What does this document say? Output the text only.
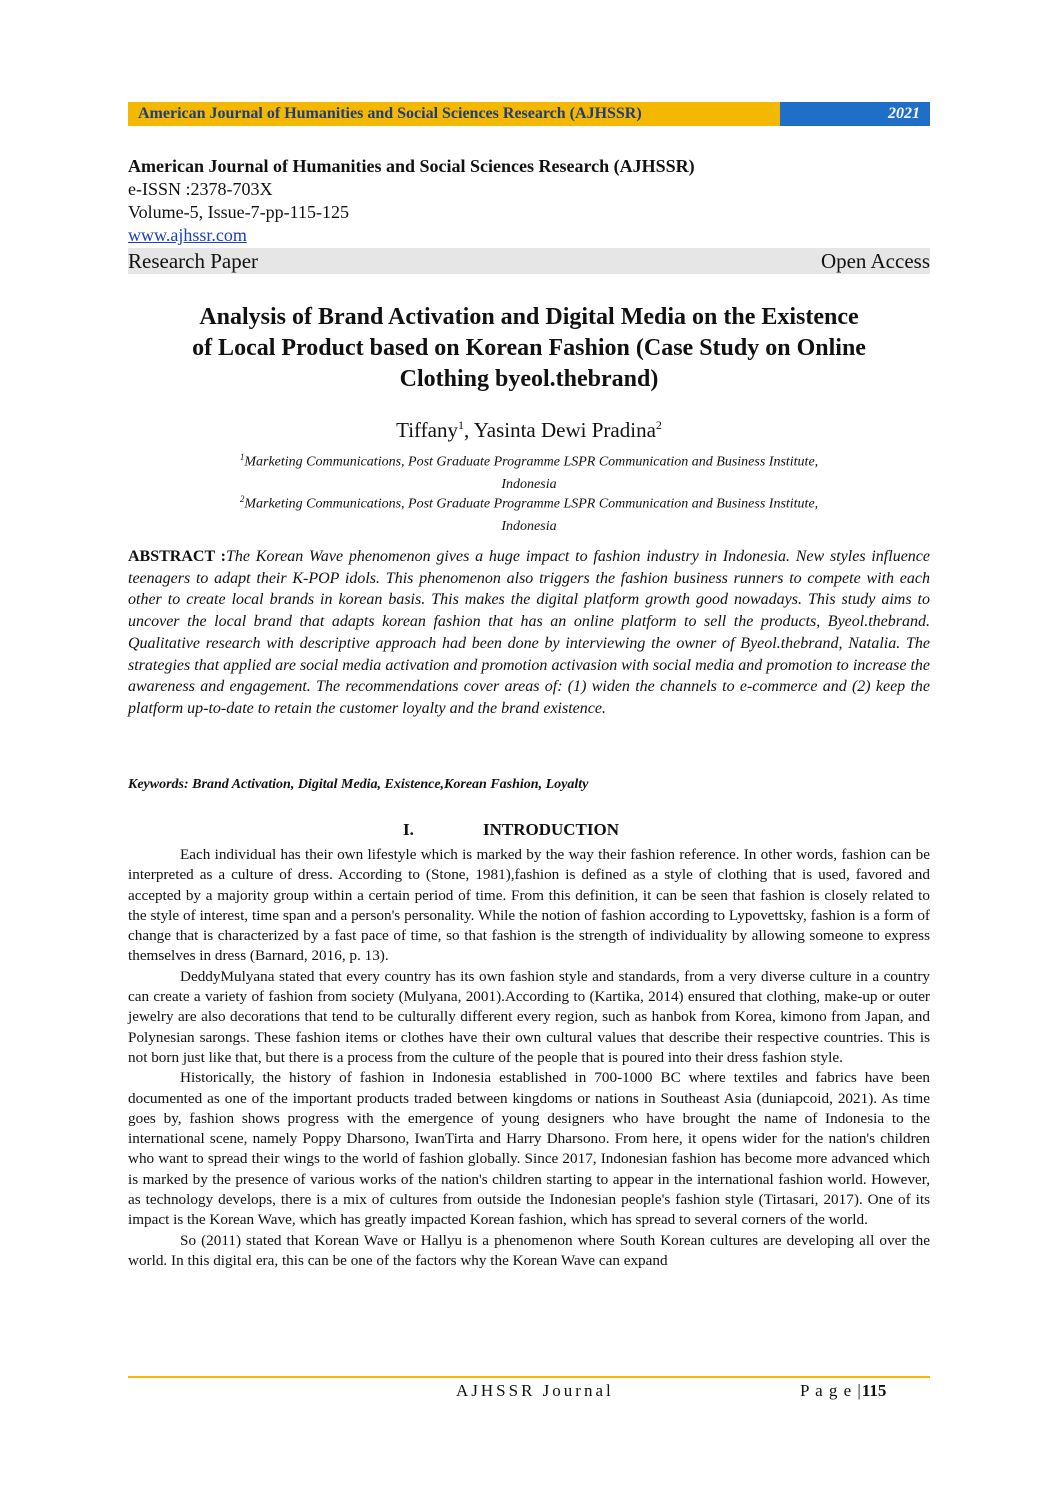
American Journal of Humanities and Social Sciences Research (AJHSSR)	2021
American Journal of Humanities and Social Sciences Research (AJHSSR)
e-ISSN :2378-703X
Volume-5, Issue-7-pp-115-125
www.ajhssr.com
Research Paper	Open Access
Analysis of Brand Activation and Digital Media on the Existence
of Local Product based on Korean Fashion (Case Study on Online
Clothing byeol.thebrand)
Tiffany$^1$, Yasinta Dewi Pradina$^2$
$^1$Marketing Communications, Post Graduate Programme LSPR Communication and Business Institute,
Indonesia
$^2$Marketing Communications, Post Graduate Programme LSPR Communication and Business Institute,
Indonesia
ABSTRACT :The Korean Wave phenomenon gives a huge impact to fashion industry in Indonesia. New styles influence teenagers to adapt their K-POP idols. This phenomenon also triggers the fashion business runners to compete with each other to create local brands in korean basis. This makes the digital platform growth good nowadays. This study aims to uncover the local brand that adapts korean fashion that has an online platform to sell the products, Byeol.thebrand. Qualitative research with descriptive approach had been done by interviewing the owner of Byeol.thebrand, Natalia. The strategies that applied are social media activation and promotion activasion with social media and promotion to increase the awareness and engagement. The recommendations cover areas of: (1) widen the channels to e-commerce and (2) keep the platform up-to-date to retain the customer loyalty and the brand existence.
Keywords: Brand Activation, Digital Media, Existence,Korean Fashion, Loyalty
I.	INTRODUCTION

Each individual has their own lifestyle which is marked by the way their fashion reference. In other words, fashion can be interpreted as a culture of dress. According to (Stone, 1981),fashion is defined as a style of clothing that is used, favored and accepted by a majority group within a certain period of time. From this definition, it can be seen that fashion is closely related to the style of interest, time span and a person's personality. While the notion of fashion according to Lypovettsky, fashion is a form of change that is characterized by a fast pace of time, so that fashion is the strength of individuality by allowing someone to express themselves in dress (Barnard, 2016, p. 13).

DeddyMulyana stated that every country has its own fashion style and standards, from a very diverse culture in a country can create a variety of fashion from society (Mulyana, 2001).According to (Kartika, 2014) ensured that clothing, make-up or outer jewelry are also decorations that tend to be culturally different every region, such as hanbok from Korea, kimono from Japan, and Polynesian sarongs. These fashion items or clothes have their own cultural values that describe their respective countries. This is not born just like that, but there is a process from the culture of the people that is poured into their dress fashion style.

Historically, the history of fashion in Indonesia established in 700-1000 BC where textiles and fabrics have been documented as one of the important products traded between kingdoms or nations in Southeast Asia (duniapcoid, 2021). As time goes by, fashion shows progress with the emergence of young designers who have brought the name of Indonesia to the international scene, namely Poppy Dharsono, IwanTirta and Harry Dharsono. From here, it opens wider for the nation's children who want to spread their wings to the world of fashion globally. Since 2017, Indonesian fashion has become more advanced which is marked by the presence of various works of the nation's children starting to appear in the international fashion world. However, as technology develops, there is a mix of cultures from outside the Indonesian people's fashion style (Tirtasari, 2017). One of its impact is the Korean Wave, which has greatly impacted Korean fashion, which has spread to several corners of the world.

So (2011) stated that Korean Wave or Hallyu is a phenomenon where South Korean cultures are developing all over the world. In this digital era, this can be one of the factors why the Korean Wave can expand

AJHSSR Journal	P a g e |115
